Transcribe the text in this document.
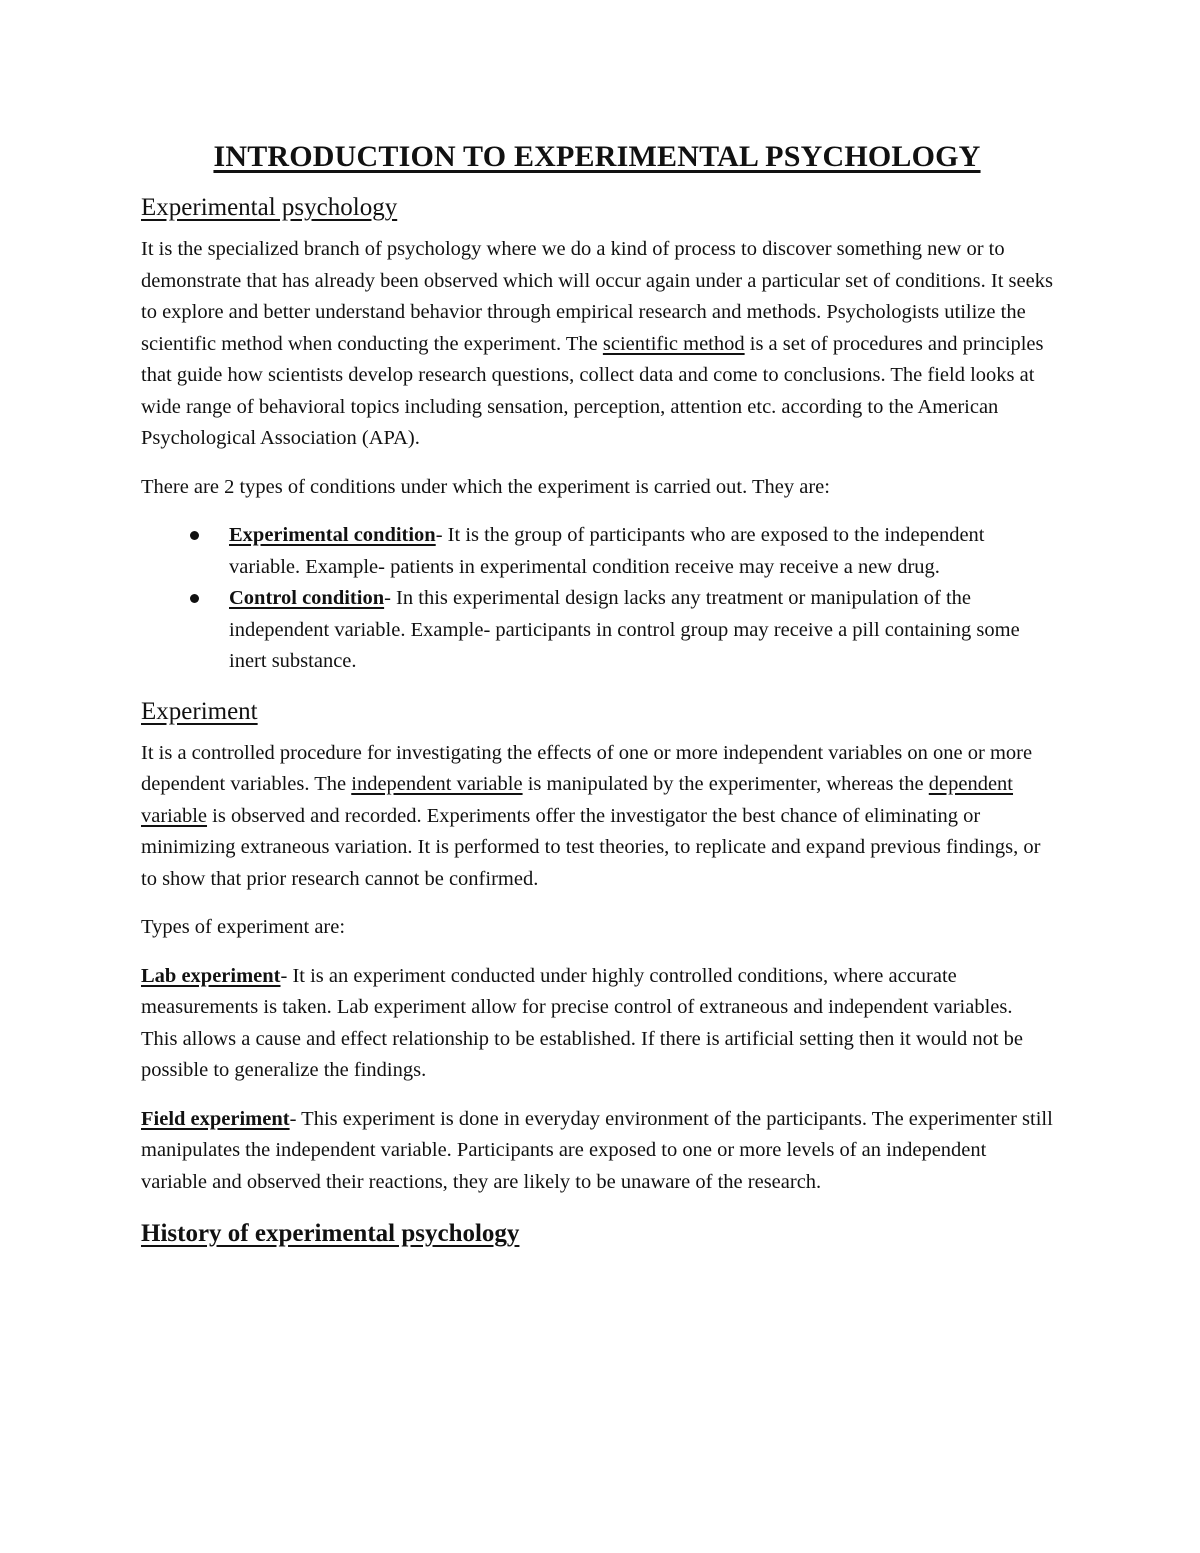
INTRODUCTION TO EXPERIMENTAL PSYCHOLOGY
Experimental psychology

It is the specialized branch of psychology where we do a kind of process to discover something new or to demonstrate that has already been observed which will occur again under a particular set of conditions. It seeks to explore and better understand behavior through empirical research and methods. Psychologists utilize the scientific method when conducting the experiment. The scientific method is a set of procedures and principles that guide how scientists develop research questions, collect data and come to conclusions. The field looks at wide range of behavioral topics including sensation, perception, attention etc. according to the American Psychological Association (APA).

There are 2 types of conditions under which the experiment is carried out. They are:

Experimental condition- It is the group of participants who are exposed to the independent variable. Example- patients in experimental condition receive may receive a new drug.
Control condition- In this experimental design lacks any treatment or manipulation of the independent variable. Example- participants in control group may receive a pill containing some inert substance.
Experiment

It is a controlled procedure for investigating the effects of one or more independent variables on one or more dependent variables. The independent variable is manipulated by the experimenter, whereas the dependent variable is observed and recorded. Experiments offer the investigator the best chance of eliminating or minimizing extraneous variation. It is performed to test theories, to replicate and expand previous findings, or to show that prior research cannot be confirmed.

Types of experiment are:

Lab experiment- It is an experiment conducted under highly controlled conditions, where accurate measurements is taken. Lab experiment allow for precise control of extraneous and independent variables. This allows a cause and effect relationship to be established. If there is artificial setting then it would not be possible to generalize the findings.

Field experiment- This experiment is done in everyday environment of the participants. The experimenter still manipulates the independent variable. Participants are exposed to one or more levels of an independent variable and observed their reactions, they are likely to be unaware of the research.

History of experimental psychology
